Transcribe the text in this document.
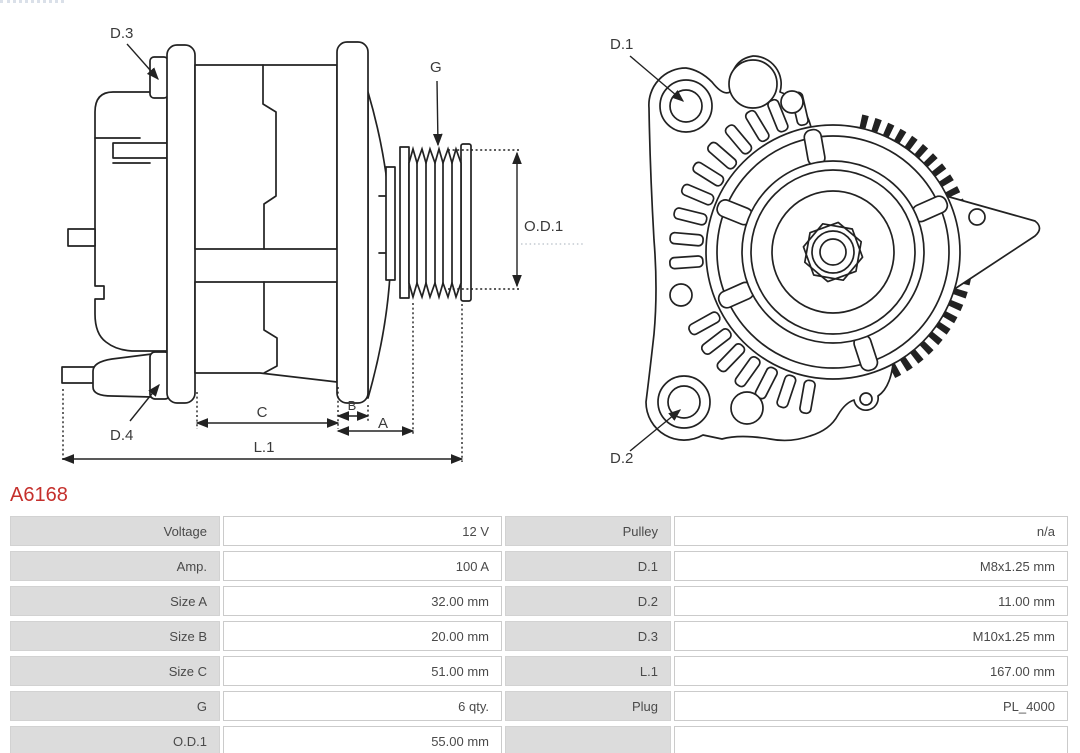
G
O.D.1
C	B
A
L.1
D.3
D.4
D.1
D.2
A6168
Voltage	12 V	Pulley	n/a
Amp.	100 A	D.1	M8x1.25 mm
Size A	32.00 mm	D.2	11.00 mm
Size B	20.00 mm	D.3	M10x1.25 mm
Size C	51.00 mm	L.1	167.00 mm
G	6 qty.	Plug	PL_4000
O.D.1	55.00 mm		
